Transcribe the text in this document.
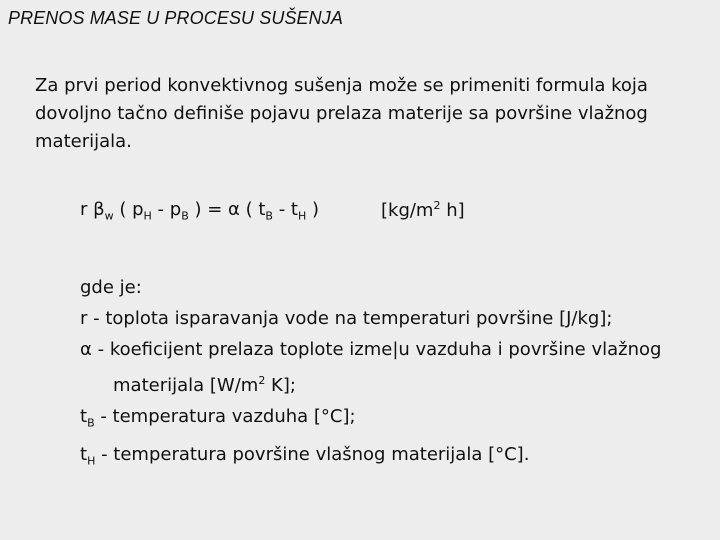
PRENOS MASE U PROCESU SUŠENJA
Za prvi period konvektivnog sušenja može se primeniti formula koja
dovoljno tačno definiše pojavu prelaza materije sa površine vlažnog
materijala.
r $\beta_w$ ( $p_H - p_B$ ) = α ( $t_B - t_H$ )	[$kg/m^2$ h]
gde je:
r - toplota isparavanja vode na temperaturi površine [J/kg];
α - koeficijent prelaza toplote izme|u vazduha i površine vlažnog
materijala [$W/m^2$ K];
$t_B$ - temperatura vazduha [°C];
$t_H$ - temperatura površine vlašnog materijala [°C].
